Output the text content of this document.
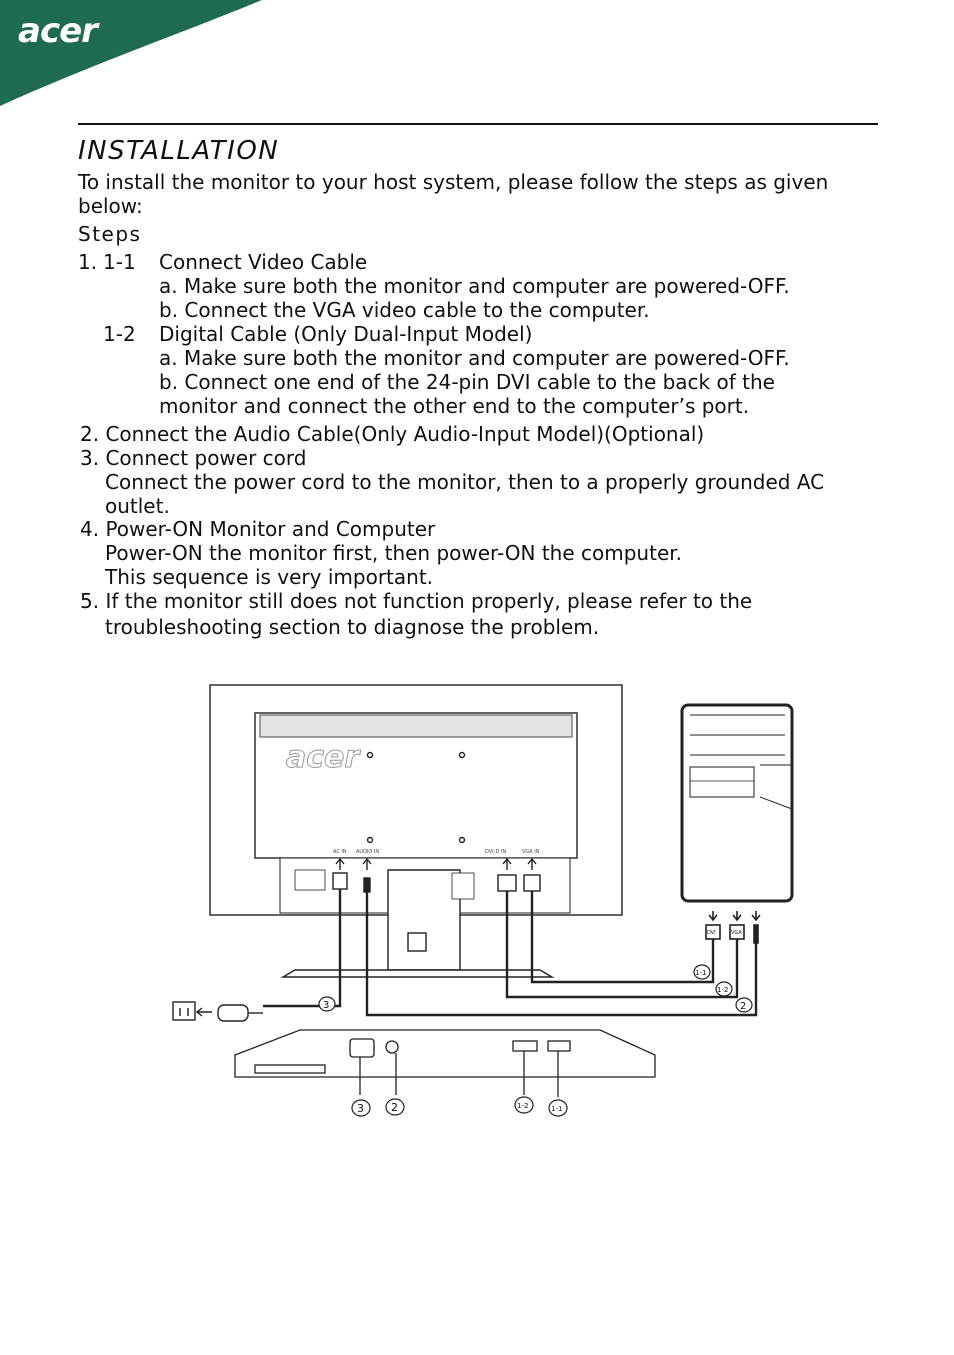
acer
INSTALLATION
To install the monitor to your host system, please follow the steps as given below:
Steps
1. 1-1 Connect Video Cable
a. Make sure both the monitor and computer are powered-OFF.
b. Connect the VGA video cable to the computer.
1-2 Digital Cable (Only Dual-Input Model)
a. Make sure both the monitor and computer are powered-OFF.
b. Connect one end of the 24-pin DVI cable to the back of the
monitor and connect the other end to the computer’s port.
2. Connect the Audio Cable(Only Audio-Input Model)(Optional)
3. Connect power cord
Connect the power cord to the monitor, then to a properly grounded AC
outlet.
4. Power-ON Monitor and Computer
Power-ON the monitor first, then power-ON the computer.
This sequence is very important.
5. If the monitor still does not function properly, please refer to the
troubleshooting section to diagnose the problem.
acer
AC IN AUDIO IN	DVI-D IN	VGA IN
DVI	VGA
3
1-1
1-2
2
3 2	1-2	1-1
